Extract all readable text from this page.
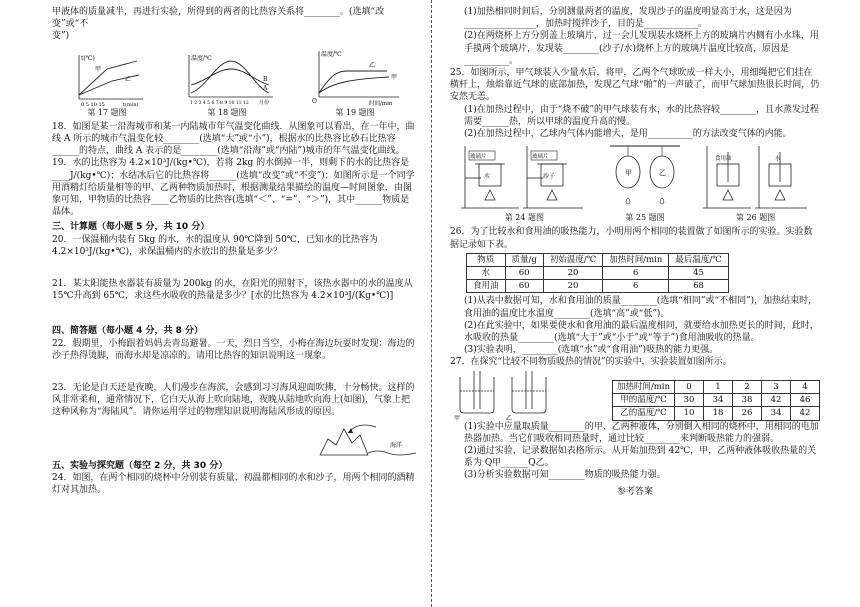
甲液体的质量减半，再进行实验，所得到的两者的比热容关系将________。(选填“改变”或“不

变”)

t(℃)
甲
乙
0 5 10 15	t(min)
第 17 题图
温度/℃
B
A
1 2 3 4 5 6 7 8 9 10 11 12 月份
第 18 题图
温度/℃
乙
甲
O	时间/min
第 19 题图

18．如图是某一沿海城市和某一内陆城市年气温变化曲线．从图象可以看出，在一年中，曲线 A 所示的城市气温变化较________(选填“大”或“小”)，根据水的比热容比砂石比热容______的特点，曲线 A 表示的是________(选填“沿海”或“内陆”)城市的年气温变化曲线。

19．水的比热容为 4.2×10³J/(kg•℃)，若将 2kg 的水倒掉一半，则剩下的水的比热容是____J/(kg•℃)；水结冰后它的比热容将______(选填“改变”或“不变”)；如图所示是一个同学用酒精灯给质量相等的甲、乙两种物质加热时，根据测量结果描绘的温度—时间图象．由图象可知，甲物质的比热容____乙物质的比热容(选填“＜”、“=”、“＞”)，其中______物质是晶体。

三、计算题（每小题 5 分，共 10 分）

20．一保温桶内装有 5kg 的水，水的温度从 90℃降到 50℃，已知水的比热容为 4.2×10³J/(kg•℃)，求保温桶内的水放出的热量是多少？

21．某太阳能热水器装有质量为 200kg 的水，在阳光的照射下，该热水器中的水的温度从 15℃升高到 65℃，求这些水吸收的热量是多少？[水的比热容为 4.2×10³J/(Kg•℃)]

四、简答题（每小题 4 分，共 8 分）

22．假期里，小梅跟着妈妈去青岛避暑。一天，烈日当空，小梅在海边玩耍时发现：海边的沙子热得烫脚，而海水却是凉凉的。请用比热容的知识说明这一现象。

23．无论是白天还是夜晚，人们漫步在海滨，会感到习习海风迎面吹拂，十分畅快。这样的风非常柔和，通常情况下，它白天从海上吹向陆地，夜晚从陆地吹向海上(如图)，气象上把这种风称为“海陆风”。请你运用学过的物理知识说明海陆风形成的原因。

海洋

五、实验与探究题（每空 2 分，共 30 分）

24．如图，在两个相同的烧杯中分别装有质量、初温都相同的水和沙子，用两个相同的酒精灯对其加热。

(1)加热相同时间后，分别测量两者的温度，发现沙子的温度明显高于水，这是因为________________，加热时搅拌沙子，目的是____________。

(2)在两烧杯上方分别盖上玻璃片，过一会儿发现装水烧杯上方的玻璃片内侧有小水珠，用手摸两个玻璃片，发现装________(沙子/水)烧杯上方的玻璃片温度比较高，原因是__________。

25．如图所示，甲气球装入少量水后，将甲，乙两个气球吹成一样大小，用细绳把它们挂在横杆上，烛焰靠近气球的底部加热，发现乙气球“啪”的一声破了，而甲气球加热很长时间，仍安然无恙。

(1)在加热过程中，由于“烧不破”的甲气球装有水，水的比热容较________，且水蒸发过程需要______热，所以甲球的温度升高的慢。

(2)在加热过程中，乙球内气体内能增大，是用__________的方法改变气体的内能。

玻璃片	玻璃片
水	沙子
第 24 题图
甲	乙
第 25 题图
食用油	水
第 26 题图

26．为了比较水和食用油的吸热能力，小明用两个相同的装置做了如图所示的实验。实验数据记录如下表。

物质	质量/g	初始温度/℃	加热时间/min	最后温度/℃
水	60	20	6	45
食用油	60	20	6	68

(1)从表中数据可知，水和食用油的质量________(选填“相同”或“不相同”)，加热结束时，食用油的温度比水温度________(选填“高”或“低”)。

(2)在此实验中，如果要使水和食用油的最后温度相同，就要给水加热更长的时间，此时，水吸收的热量________(选填“大于”或“小于”或“等于”)食用油吸收的热量。

(3)实验表明，________(选填“水”或“食用油”)吸热的能力更强。

27．在探究“比较不同物质吸热的情况”的实验中，实验装置如图所示。

甲	乙
加热时间/min	0	1	2	3	4
甲的温度/℃	30	34	38	42	46
乙的温度/℃	10	18	26	34	42

(1)实验中应量取质量________的甲、乙两种液体，分别倒入相同的烧杯中，用相同的电加热器加热。当它们吸收相同热量时，通过比较________来判断吸热能力的强弱。

(2)通过实验，记录数据如表格所示。从开始加热到 42℃，甲，乙两种液体吸收热量的关系为 Q甲______Q乙。

(3)分析实验数据可知________物质的吸热能力强。

参考答案
